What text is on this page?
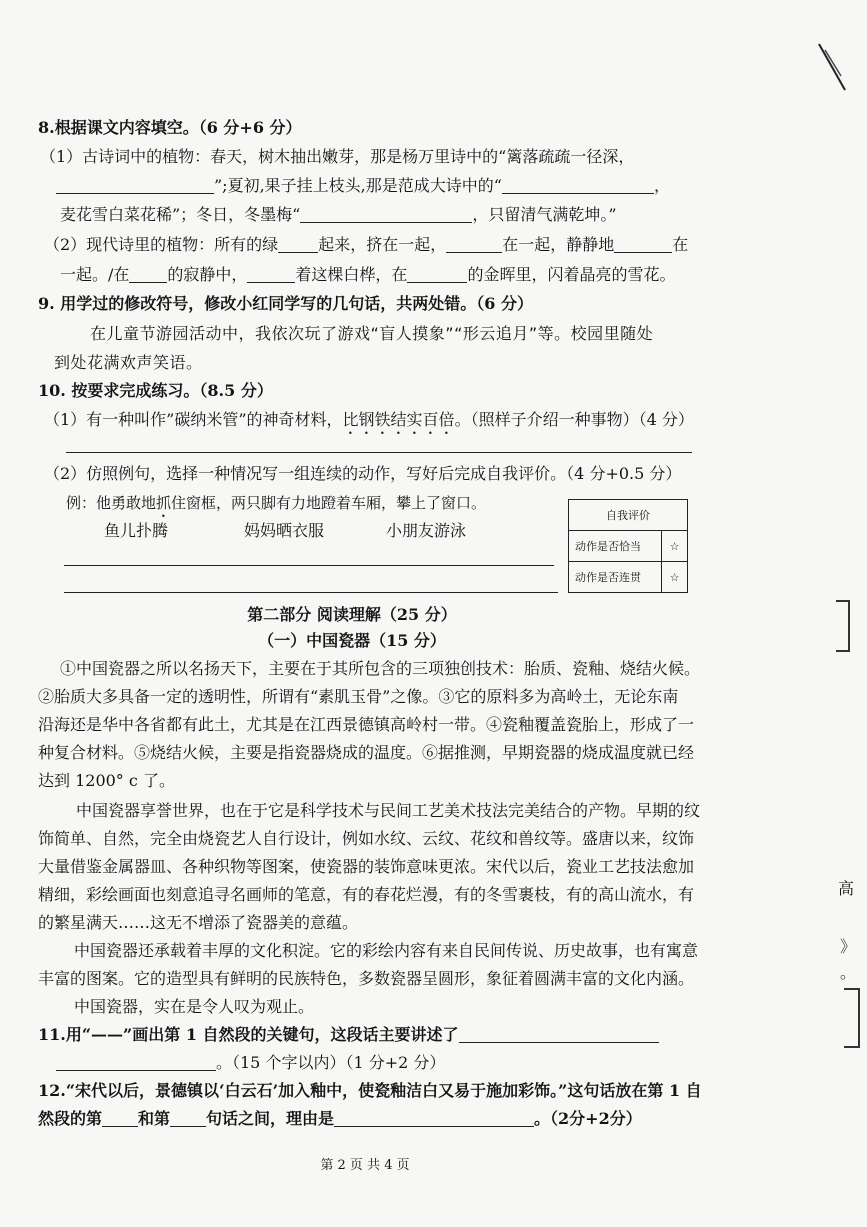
8.根据课文内容填空。（6 分+6 分）
（1）古诗词中的植物：春天，树木抽出嫩芽，那是杨万里诗中的“篱落疏疏一径深，
”;夏初,果子挂上枝头,那是范成大诗中的“	，
麦花雪白菜花稀”；冬日，冬墨梅“	，只留清气满乾坤。”
（2）现代诗里的植物：所有的绿	起来，挤在一起，	在一起，静静地	在
一起。/在 的寂静中，	着这棵白桦，在	的金晖里，闪着晶亮的雪花。
9. 用学过的修改符号，修改小红同学写的几句话，共两处错。（6 分）
在儿童节游园活动中，我依次玩了游戏“盲人摸象”“形云追月”等。校园里随处
到处花满欢声笑语。
10. 按要求完成练习。（8.5 分）
（1）有一种叫作”碳纳米管”的神奇材料，比钢铁结实百倍。（照样子介绍一种事物）（4 分）
（2）仿照例句，选择一种情况写一组连续的动作，写好后完成自我评价。（4 分+0.5 分）
例：他勇敢地抓住窗框，两只脚有力地蹬着车厢，攀上了窗口。
鱼儿扑腾	妈妈晒衣服	小朋友游泳
自我评价	
动作是否恰当	☆
动作是否连贯	☆
第二部分 阅读理解（25 分）
（一）中国瓷器（15 分）
①中国瓷器之所以名扬天下，主要在于其所包含的三项独创技术：胎质、瓷釉、烧结火候。
②胎质大多具备一定的透明性，所谓有“素肌玉骨”之像。③它的原料多为高岭土，无论东南
沿海还是华中各省都有此土，尤其是在江西景德镇高岭村一带。④瓷釉覆盖瓷胎上，形成了一
种复合材料。⑤烧结火候，主要是指瓷器烧成的温度。⑥据推测，早期瓷器的烧成温度就已经
达到 1200° c 了。
中国瓷器享誉世界，也在于它是科学技术与民间工艺美术技法完美结合的产物。早期的纹
饰简单、自然，完全由烧瓷艺人自行设计，例如水纹、云纹、花纹和兽纹等。盛唐以来，纹饰
大量借鉴金属器皿、各种织物等图案，使瓷器的装饰意味更浓。宋代以后，瓷业工艺技法愈加
精细，彩绘画面也刻意追寻名画师的笔意，有的春花烂漫，有的冬雪裹枝，有的高山流水，有
的繁星满天……这无不增添了瓷器美的意蕴。
中国瓷器还承载着丰厚的文化积淀。它的彩绘内容有来自民间传说、历史故事，也有寓意
丰富的图案。它的造型具有鲜明的民族特色，多数瓷器呈圆形，象征着圆满丰富的文化内涵。
中国瓷器，实在是令人叹为观止。
11.用“——”画出第 1 自然段的关键句，这段话主要讲述了
。（15 个字以内）（1 分+2 分）
12.“宋代以后，景德镇以‘白云石’加入釉中，使瓷釉洁白又易于施加彩饰。”这句话放在第 1 自
然段的第 和第 句话之间，理由是	。（2分+2分）
第 2 页 共 4 页
高
》
。
